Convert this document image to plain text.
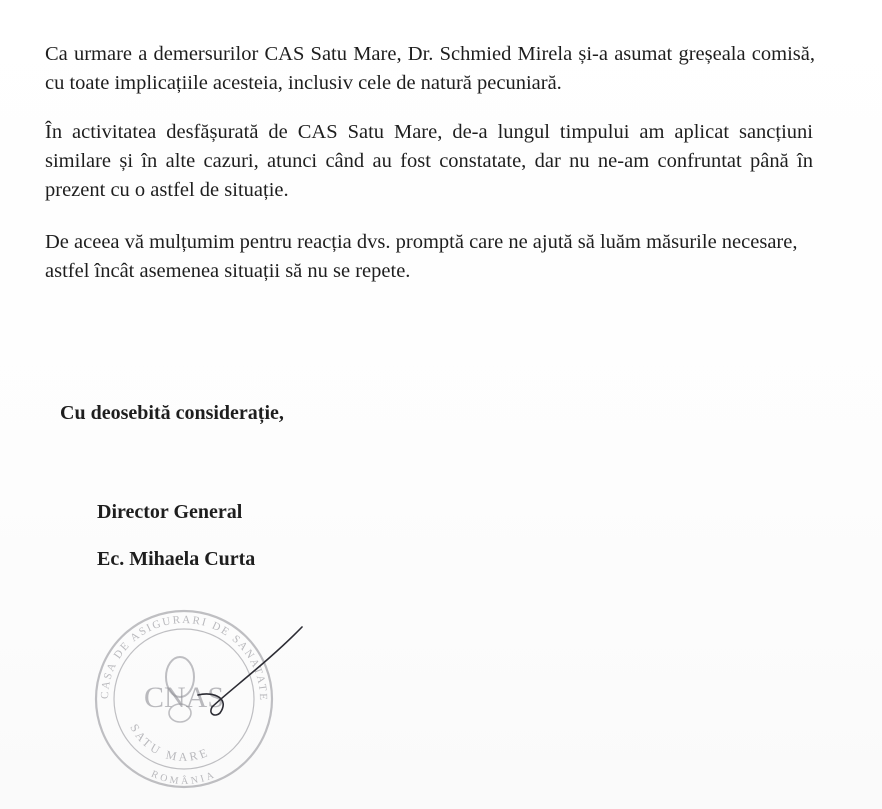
Ca urmare a demersurilor CAS Satu Mare, Dr. Schmied Mirela și-a asumat greșeala comisă, cu toate implicațiile acesteia, inclusiv cele de natură pecuniară.

În activitatea desfășurată de CAS Satu Mare, de-a lungul timpului am aplicat sancțiuni similare și în alte cazuri, atunci când au fost constatate, dar nu ne-am confruntat până în prezent cu o astfel de situație.

De aceea vă mulțumim pentru reacția dvs. promptă care ne ajută să luăm măsurile necesare, astfel încât asemenea situații să nu se repete.

Cu deosebită considerație,
Director General
Ec. Mihaela Curta
CASA DE ASIGURARI DE SANATATE
CNAS
SATU MARE
ROMÂNIA
